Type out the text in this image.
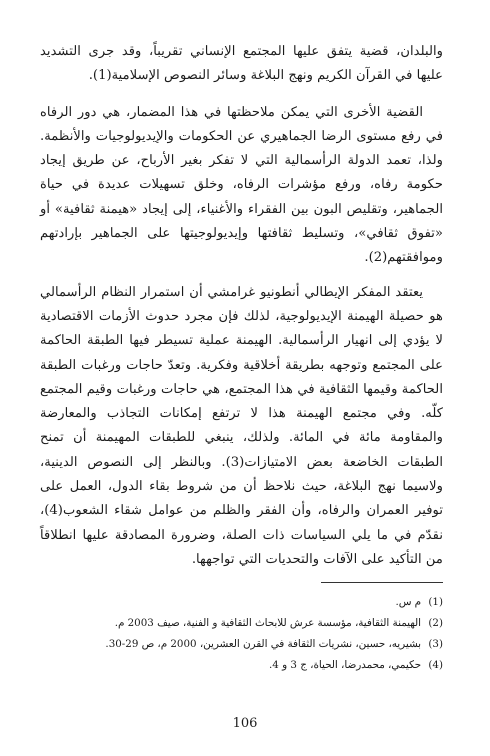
والبلدان، قضية يتفق عليها المجتمع الإنساني تقريباً، وقد جرى التشديد عليها في القرآن الكريم ونهج البلاغة وسائر النصوص الإسلامية(1).

القضية الأخرى التي يمكن ملاحظتها في هذا المضمار، هي دور الرفاه في رفع مستوى الرضا الجماهيري عن الحكومات والإيديولوجيات والأنظمة. ولذا، تعمد الدولة الرأسمالية التي لا تفكر بغير الأرباح، عن طريق إيجاد حكومة رفاه، ورفع مؤشرات الرفاه، وخلق تسهيلات عديدة في حياة الجماهير، وتقليص البون بين الفقراء والأغنياء، إلى إيجاد «هيمنة ثقافية» أو «تفوق ثقافي»، وتسليط ثقافتها وإيديولوجيتها على الجماهير بإرادتهم وموافقتهم(2).

يعتقد المفكر الإيطالي أنطونيو غرامشي أن استمرار النظام الرأسمالي هو حصيلة الهيمنة الإيديولوجية، لذلك فإن مجرد حدوث الأزمات الاقتصادية لا يؤدي إلى انهيار الرأسمالية. الهيمنة عملية تسيطر فيها الطبقة الحاكمة على المجتمع وتوجهه بطريقة أخلاقية وفكرية. وتعدّ حاجات ورغبات الطبقة الحاكمة وقيمها الثقافية في هذا المجتمع، هي حاجات ورغبات وقيم المجتمع كلّه. وفي مجتمع الهيمنة هذا لا ترتفع إمكانات التجاذب والمعارضة والمقاومة مائة في المائة. ولذلك، ينبغي للطبقات المهيمنة أن تمنح الطبقات الخاضعة بعض الامتيازات(3). وبالنظر إلى النصوص الدينية، ولاسيما نهج البلاغة، حيث نلاحظ أن من شروط بقاء الدول، العمل على توفير العمران والرفاه، وأن الفقر والظلم من عوامل شقاء الشعوب(4)، نقدّم في ما يلي السياسات ذات الصلة، وضرورة المصادقة عليها انطلاقاً من التأكيد على الآفات والتحديات التي تواجهها.

(1)
م س.
(2)
الهيمنة الثقافية، مؤسسة عرش للابحاث الثقافية و الفنية، صيف 2003 م.
(3)
بشيريه، حسين، نشريات الثقافة في القرن العشرين، 2000 م، ص 29-30.
(4)
حكيمي، محمدرضا، الحياة، ج 3 و 4.
106
